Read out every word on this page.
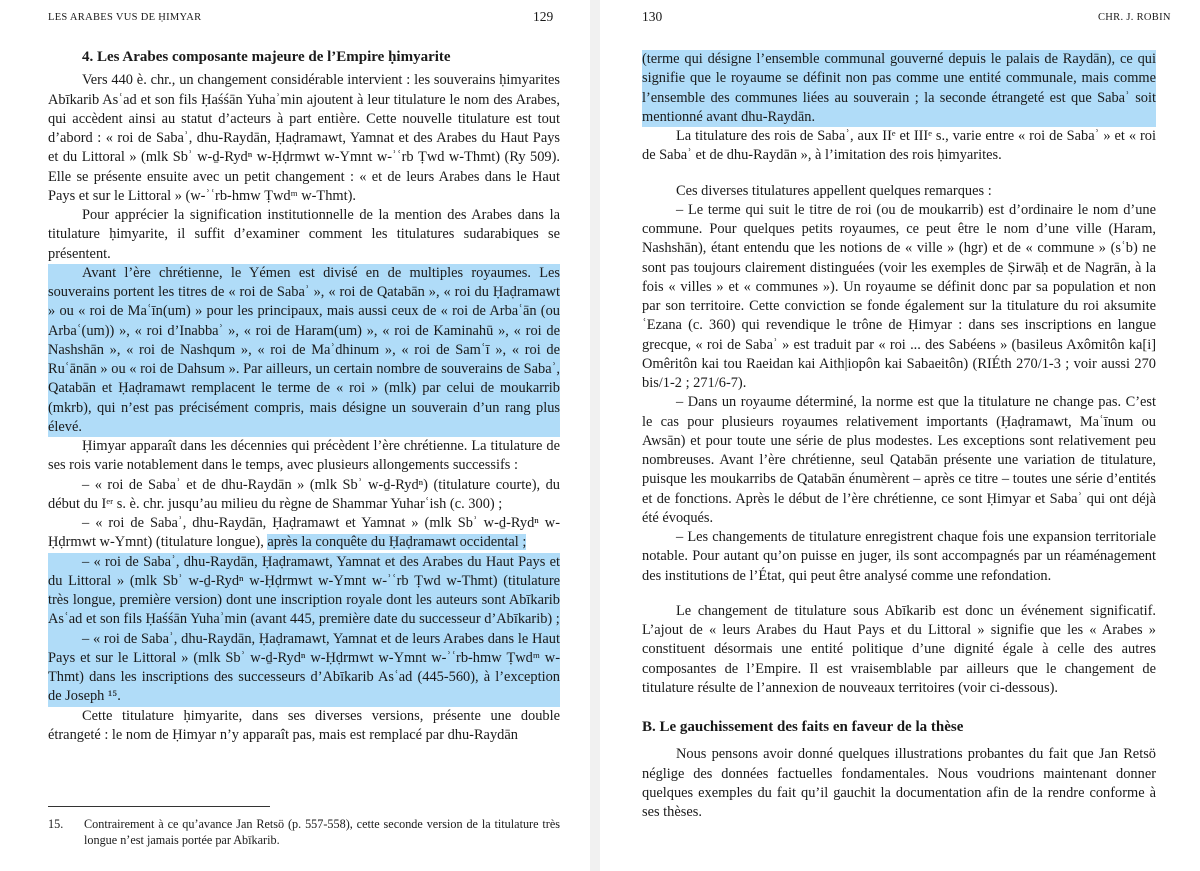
LES ARABES VUS DE ḤIMYAR	129

4. Les Arabes composante majeure de l’Empire ḥimyarite

Vers 440 è. chr., un changement considérable intervient : les souverains ḥimyarites Abīkarib Asʿad et son fils Ḥaśśān Yuhaʾmin ajoutent à leur titulature le nom des Arabes, qui accèdent ainsi au statut d’acteurs à part entière. Cette nouvelle titulature est tout d’abord : « roi de Sabaʾ, dhu-Raydān, Ḥaḍramawt, Yamnat et des Arabes du Haut Pays et du Littoral » (mlk Sbʾ w-ḏ-Rydⁿ w-Ḥḍrmwt w-Ymnt w-ʾʿrb Ṭwd w-Thmt) (Ry 509). Elle se présente ensuite avec un petit changement : « et de leurs Arabes dans le Haut Pays et sur le Littoral » (w-ʾʿrb-hmw Ṭwdᵐ w-Thmt).

Pour apprécier la signification institutionnelle de la mention des Arabes dans la titulature ḥimyarite, il suffit d’examiner comment les titulatures sudarabiques se présentent.

Avant l’ère chrétienne, le Yémen est divisé en de multiples royaumes. Les souverains portent les titres de « roi de Sabaʾ », « roi de Qatabān », « roi du Ḥaḍramawt » ou « roi de Maʿīn(um) » pour les principaux, mais aussi ceux de « roi de Arbaʿān (ou Arbaʿ(um)) », « roi d’Inabbaʾ », « roi de Haram(um) », « roi de Kaminahū », « roi de Nashshān », « roi de Nashqum », « roi de Maʾdhinum », « roi de Samʿī », « roi de Ruʿānān » ou « roi de Dahsum ». Par ailleurs, un certain nombre de souverains de Sabaʾ, Qatabān et Ḥaḍramawt remplacent le terme de « roi » (mlk) par celui de moukarrib (mkrb), qui n’est pas précisément compris, mais désigne un souverain d’un rang plus élevé.

Ḥimyar apparaît dans les décennies qui précèdent l’ère chrétienne. La titulature de ses rois varie notablement dans le temps, avec plusieurs allongements successifs :

– « roi de Sabaʾ et de dhu-Raydān » (mlk Sbʾ w-ḏ-Rydⁿ) (titulature courte), du début du Iᵉʳ s. è. chr. jusqu’au milieu du règne de Shammar Yuharʿish (c. 300) ;

– « roi de Sabaʾ, dhu-Raydān, Ḥaḍramawt et Yamnat » (mlk Sbʾ w-ḏ-Rydⁿ w-Ḥḍrmwt w-Ymnt) (titulature longue), après la conquête du Ḥaḍramawt occidental ;

– « roi de Sabaʾ, dhu-Raydān, Ḥaḍramawt, Yamnat et des Arabes du Haut Pays et du Littoral » (mlk Sbʾ w-ḏ-Rydⁿ w-Ḥḍrmwt w-Ymnt w-ʾʿrb Ṭwd w-Thmt) (titulature très longue, première version) dont une inscription royale dont les auteurs sont Abīkarib Asʿad et son fils Ḥaśśān Yuhaʾmin (avant 445, première date du successeur d’Abīkarib) ;

– « roi de Sabaʾ, dhu-Raydān, Ḥaḍramawt, Yamnat et de leurs Arabes dans le Haut Pays et sur le Littoral » (mlk Sbʾ w-ḏ-Rydⁿ w-Ḥḍrmwt w-Ymnt w-ʾʿrb-hmw Ṭwdᵐ w-Thmt) dans les inscriptions des successeurs d’Abīkarib Asʿad (445-560), à l’exception de Joseph ¹⁵.

Cette titulature ḥimyarite, dans ses diverses versions, présente une double étrangeté : le nom de Ḥimyar n’y apparaît pas, mais est remplacé par dhu-Raydān

15.	Contrairement à ce qu’avance Jan Retsö (p. 557-558), cette seconde version de la titulature très longue n’est jamais portée par Abīkarib.

130	CHR. J. ROBIN

(terme qui désigne l’ensemble communal gouverné depuis le palais de Raydān), ce qui signifie que le royaume se définit non pas comme une entité communale, mais comme l’ensemble des communes liées au souverain ; la seconde étrangeté est que Sabaʾ soit mentionné avant dhu-Raydān.

La titulature des rois de Sabaʾ, aux IIᵉ et IIIᵉ s., varie entre « roi de Sabaʾ » et « roi de Sabaʾ et de dhu-Raydān », à l’imitation des rois ḥimyarites.

Ces diverses titulatures appellent quelques remarques :

– Le terme qui suit le titre de roi (ou de moukarrib) est d’ordinaire le nom d’une commune. Pour quelques petits royaumes, ce peut être le nom d’une ville (Haram, Nashshān), étant entendu que les notions de « ville » (hgr) et de « commune » (sʿb) ne sont pas toujours clairement distinguées (voir les exemples de Ṣirwāḥ et de Nagrān, à la fois « villes » et « communes »). Un royaume se définit donc par sa population et non par son territoire. Cette conviction se fonde également sur la titulature du roi aksumite ʿEzana (c. 360) qui revendique le trône de Ḥimyar : dans ses inscriptions en langue grecque, « roi de Sabaʾ » est traduit par « roi ... des Sabéens » (basileus Axômitôn ka[i] Omêritôn kai tou Raeidan kai Aith|iopôn kai Sabaeitôn) (RIÉth 270/1-3 ; voir aussi 270 bis/1-2 ; 271/6-7).

– Dans un royaume déterminé, la norme est que la titulature ne change pas. C’est le cas pour plusieurs royaumes relativement importants (Ḥaḍramawt, Maʿīnum ou Awsān) et pour toute une série de plus modestes. Les exceptions sont relativement peu nombreuses. Avant l’ère chrétienne, seul Qatabān présente une variation de titulature, puisque les moukarribs de Qatabān énumèrent – après ce titre – toutes une série d’entités et de fonctions. Après le début de l’ère chrétienne, ce sont Ḥimyar et Sabaʾ qui ont déjà été évoqués.

– Les changements de titulature enregistrent chaque fois une expansion territoriale notable. Pour autant qu’on puisse en juger, ils sont accompagnés par un réaménagement des institutions de l’État, qui peut être analysé comme une refondation.

Le changement de titulature sous Abīkarib est donc un événement significatif. L’ajout de « leurs Arabes du Haut Pays et du Littoral » signifie que les « Arabes » constituent désormais une entité politique d’une dignité égale à celle des autres composantes de l’Empire. Il est vraisemblable par ailleurs que le changement de titulature résulte de l’annexion de nouveaux territoires (voir ci-dessous).

B. Le gauchissement des faits en faveur de la thèse

Nous pensons avoir donné quelques illustrations probantes du fait que Jan Retsö néglige des données factuelles fondamentales. Nous voudrions maintenant donner quelques exemples du fait qu’il gauchit la documentation afin de la rendre conforme à ses thèses.
